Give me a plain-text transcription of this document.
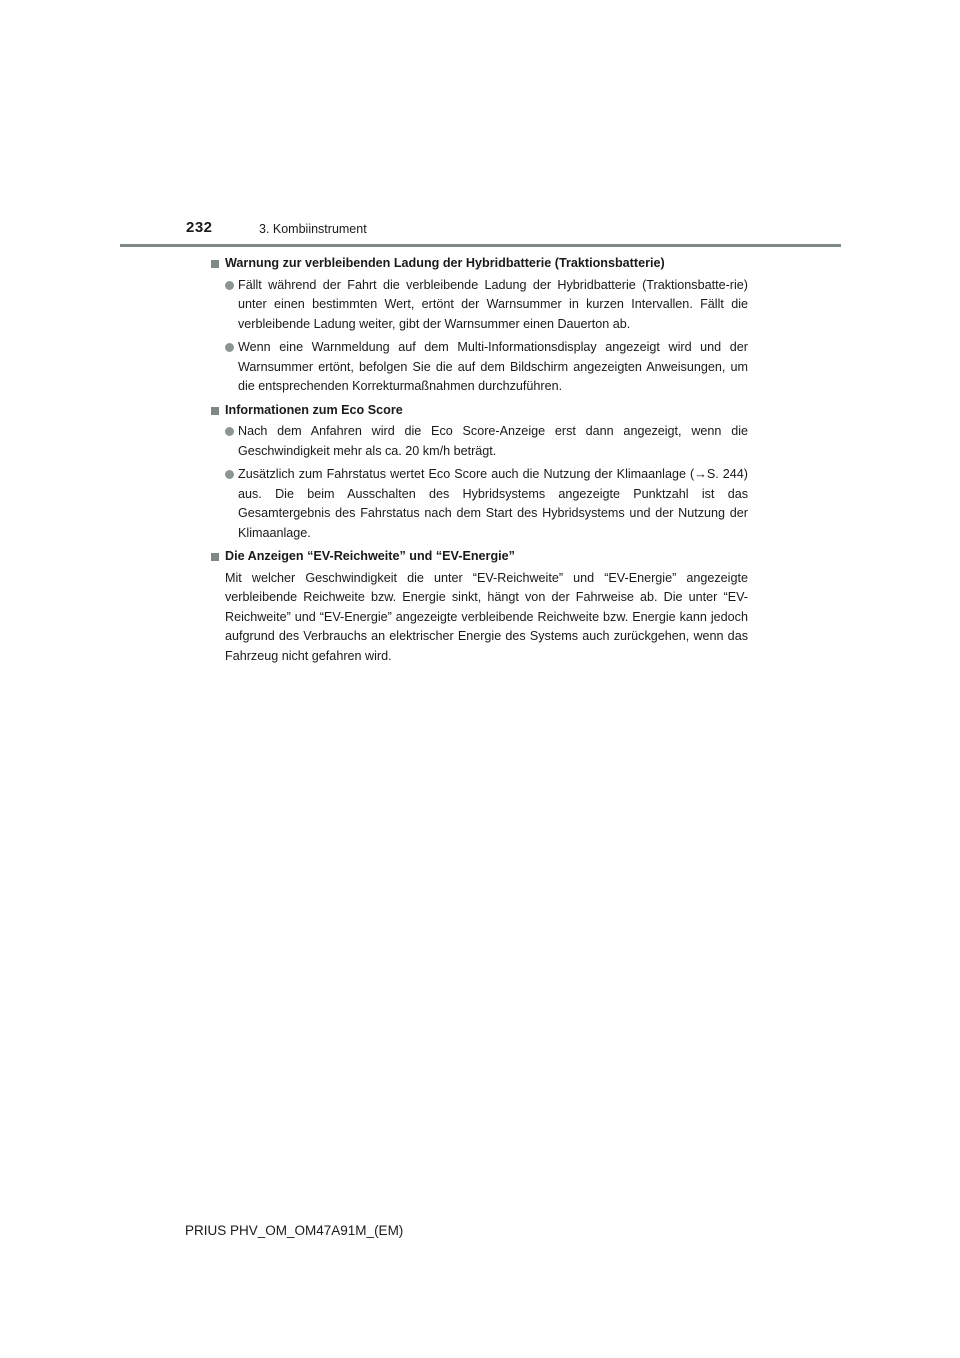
232	3. Kombiinstrument
Warnung zur verbleibenden Ladung der Hybridbatterie (Traktionsbatterie)
Fällt während der Fahrt die verbleibende Ladung der Hybridbatterie (Traktionsbatte-rie) unter einen bestimmten Wert, ertönt der Warnsummer in kurzen Intervallen. Fällt die verbleibende Ladung weiter, gibt der Warnsummer einen Dauerton ab.
Wenn eine Warnmeldung auf dem Multi-Informationsdisplay angezeigt wird und der Warnsummer ertönt, befolgen Sie die auf dem Bildschirm angezeigten Anweisungen, um die entsprechenden Korrekturmaßnahmen durchzuführen.
Informationen zum Eco Score
Nach dem Anfahren wird die Eco Score-Anzeige erst dann angezeigt, wenn die Geschwindigkeit mehr als ca. 20 km/h beträgt.
Zusätzlich zum Fahrstatus wertet Eco Score auch die Nutzung der Klimaanlage (→S. 244) aus. Die beim Ausschalten des Hybridsystems angezeigte Punktzahl ist das Gesamtergebnis des Fahrstatus nach dem Start des Hybridsystems und der Nutzung der Klimaanlage.
Die Anzeigen “EV-Reichweite” und “EV-Energie”
Mit welcher Geschwindigkeit die unter “EV-Reichweite” und “EV-Energie” angezeigte verbleibende Reichweite bzw. Energie sinkt, hängt von der Fahrweise ab. Die unter “EV-Reichweite” und “EV-Energie” angezeigte verbleibende Reichweite bzw. Energie kann jedoch aufgrund des Verbrauchs an elektrischer Energie des Systems auch zurückgehen, wenn das Fahrzeug nicht gefahren wird.
PRIUS PHV_OM_OM47A91M_(EM)
